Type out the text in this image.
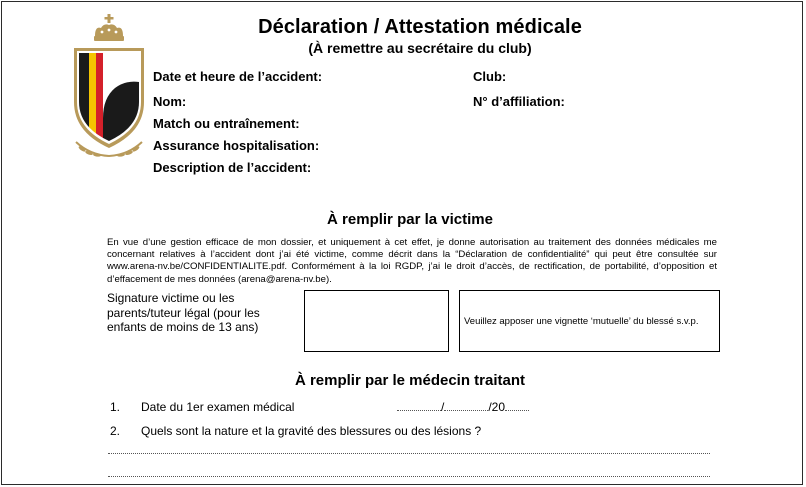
ROYAL
BELGIAN
FA-1895
Déclaration / Attestation médicale
(À remettre au secrétaire du club)
Date et heure de l’accident:	Club:
Nom:	N° d’affiliation:
Match ou entraînement:
Assurance hospitalisation:
Description de l’accident:
À remplir par la victime
En vue d’une gestion efficace de mon dossier, et uniquement à cet effet, je donne autorisation au traitement des données médicales me concernant relatives à l’accident dont j’ai été victime, comme décrit dans la “Déclaration de confidentialité” qui peut être consultée sur www.arena-nv.be/CONFIDENTIALITE.pdf. Conformément à la loi RGDP, j’ai le droit d’accès, de rectification, de portabilité, d’opposition et d’effacement de mes données (arena@arena-nv.be).
Signature victime ou les parents/tuteur légal (pour les enfants de moins de 13 ans)	Veuillez apposer une vignette ‘mutuelle’ du blessé s.v.p.
À remplir par le médecin traitant
1. Date du 1er examen médical	/	/20
2. Quels sont la nature et la gravité des blessures ou des lésions ?
